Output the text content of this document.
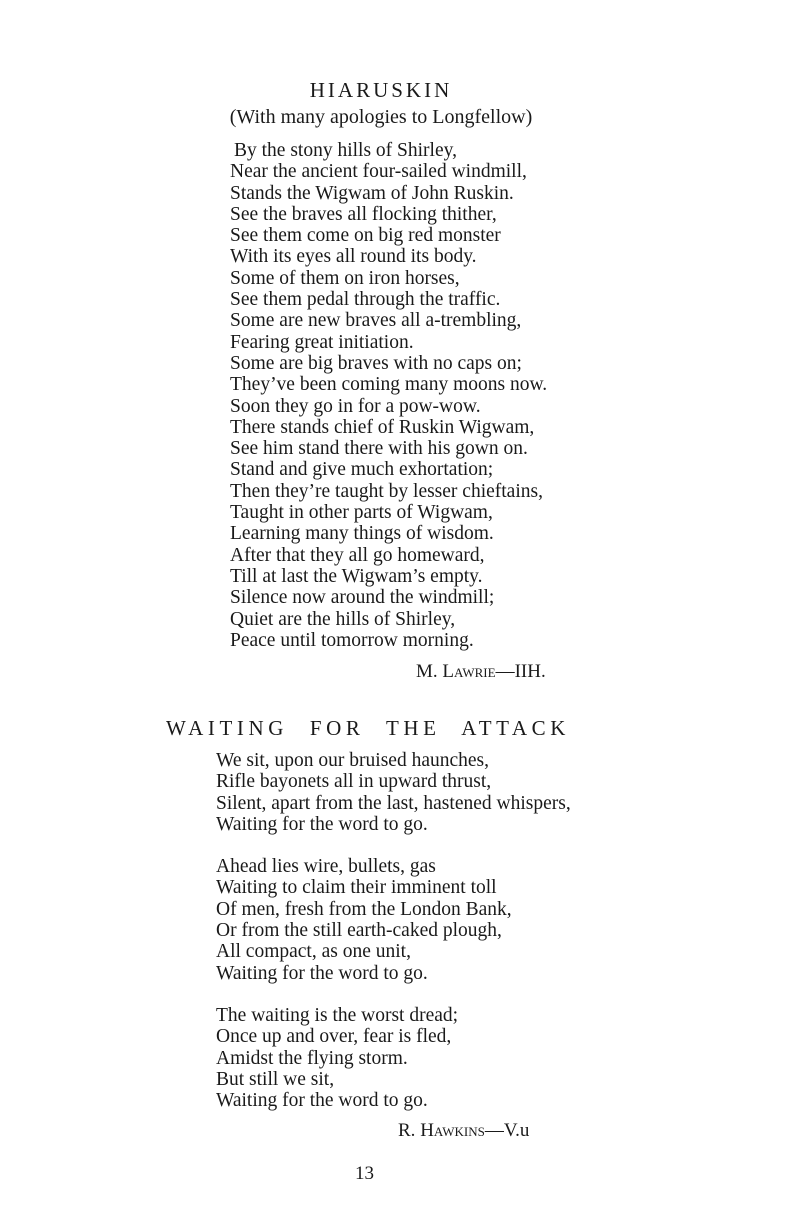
HIARUSKIN
(With many apologies to Longfellow)
By the stony hills of Shirley,
Near the ancient four-sailed windmill,
Stands the Wigwam of John Ruskin.
See the braves all flocking thither,
See them come on big red monster
With its eyes all round its body.
Some of them on iron horses,
See them pedal through the traffic.
Some are new braves all a-trembling,
Fearing great initiation.
Some are big braves with no caps on;
They’ve been coming many moons now.
Soon they go in for a pow-wow.
There stands chief of Ruskin Wigwam,
See him stand there with his gown on.
Stand and give much exhortation;
Then they’re taught by lesser chieftains,
Taught in other parts of Wigwam,
Learning many things of wisdom.
After that they all go homeward,
Till at last the Wigwam’s empty.
Silence now around the windmill;
Quiet are the hills of Shirley,
Peace until tomorrow morning.
M. Lawrie—IIH.
WAITING FOR THE ATTACK
We sit, upon our bruised haunches,
Rifle bayonets all in upward thrust,
Silent, apart from the last, hastened whispers,
Waiting for the word to go.
Ahead lies wire, bullets, gas
Waiting to claim their imminent toll
Of men, fresh from the London Bank,
Or from the still earth-caked plough,
All compact, as one unit,
Waiting for the word to go.
The waiting is the worst dread;
Once up and over, fear is fled,
Amidst the flying storm.
But still we sit,
Waiting for the word to go.
R. Hawkins—V.u
13
